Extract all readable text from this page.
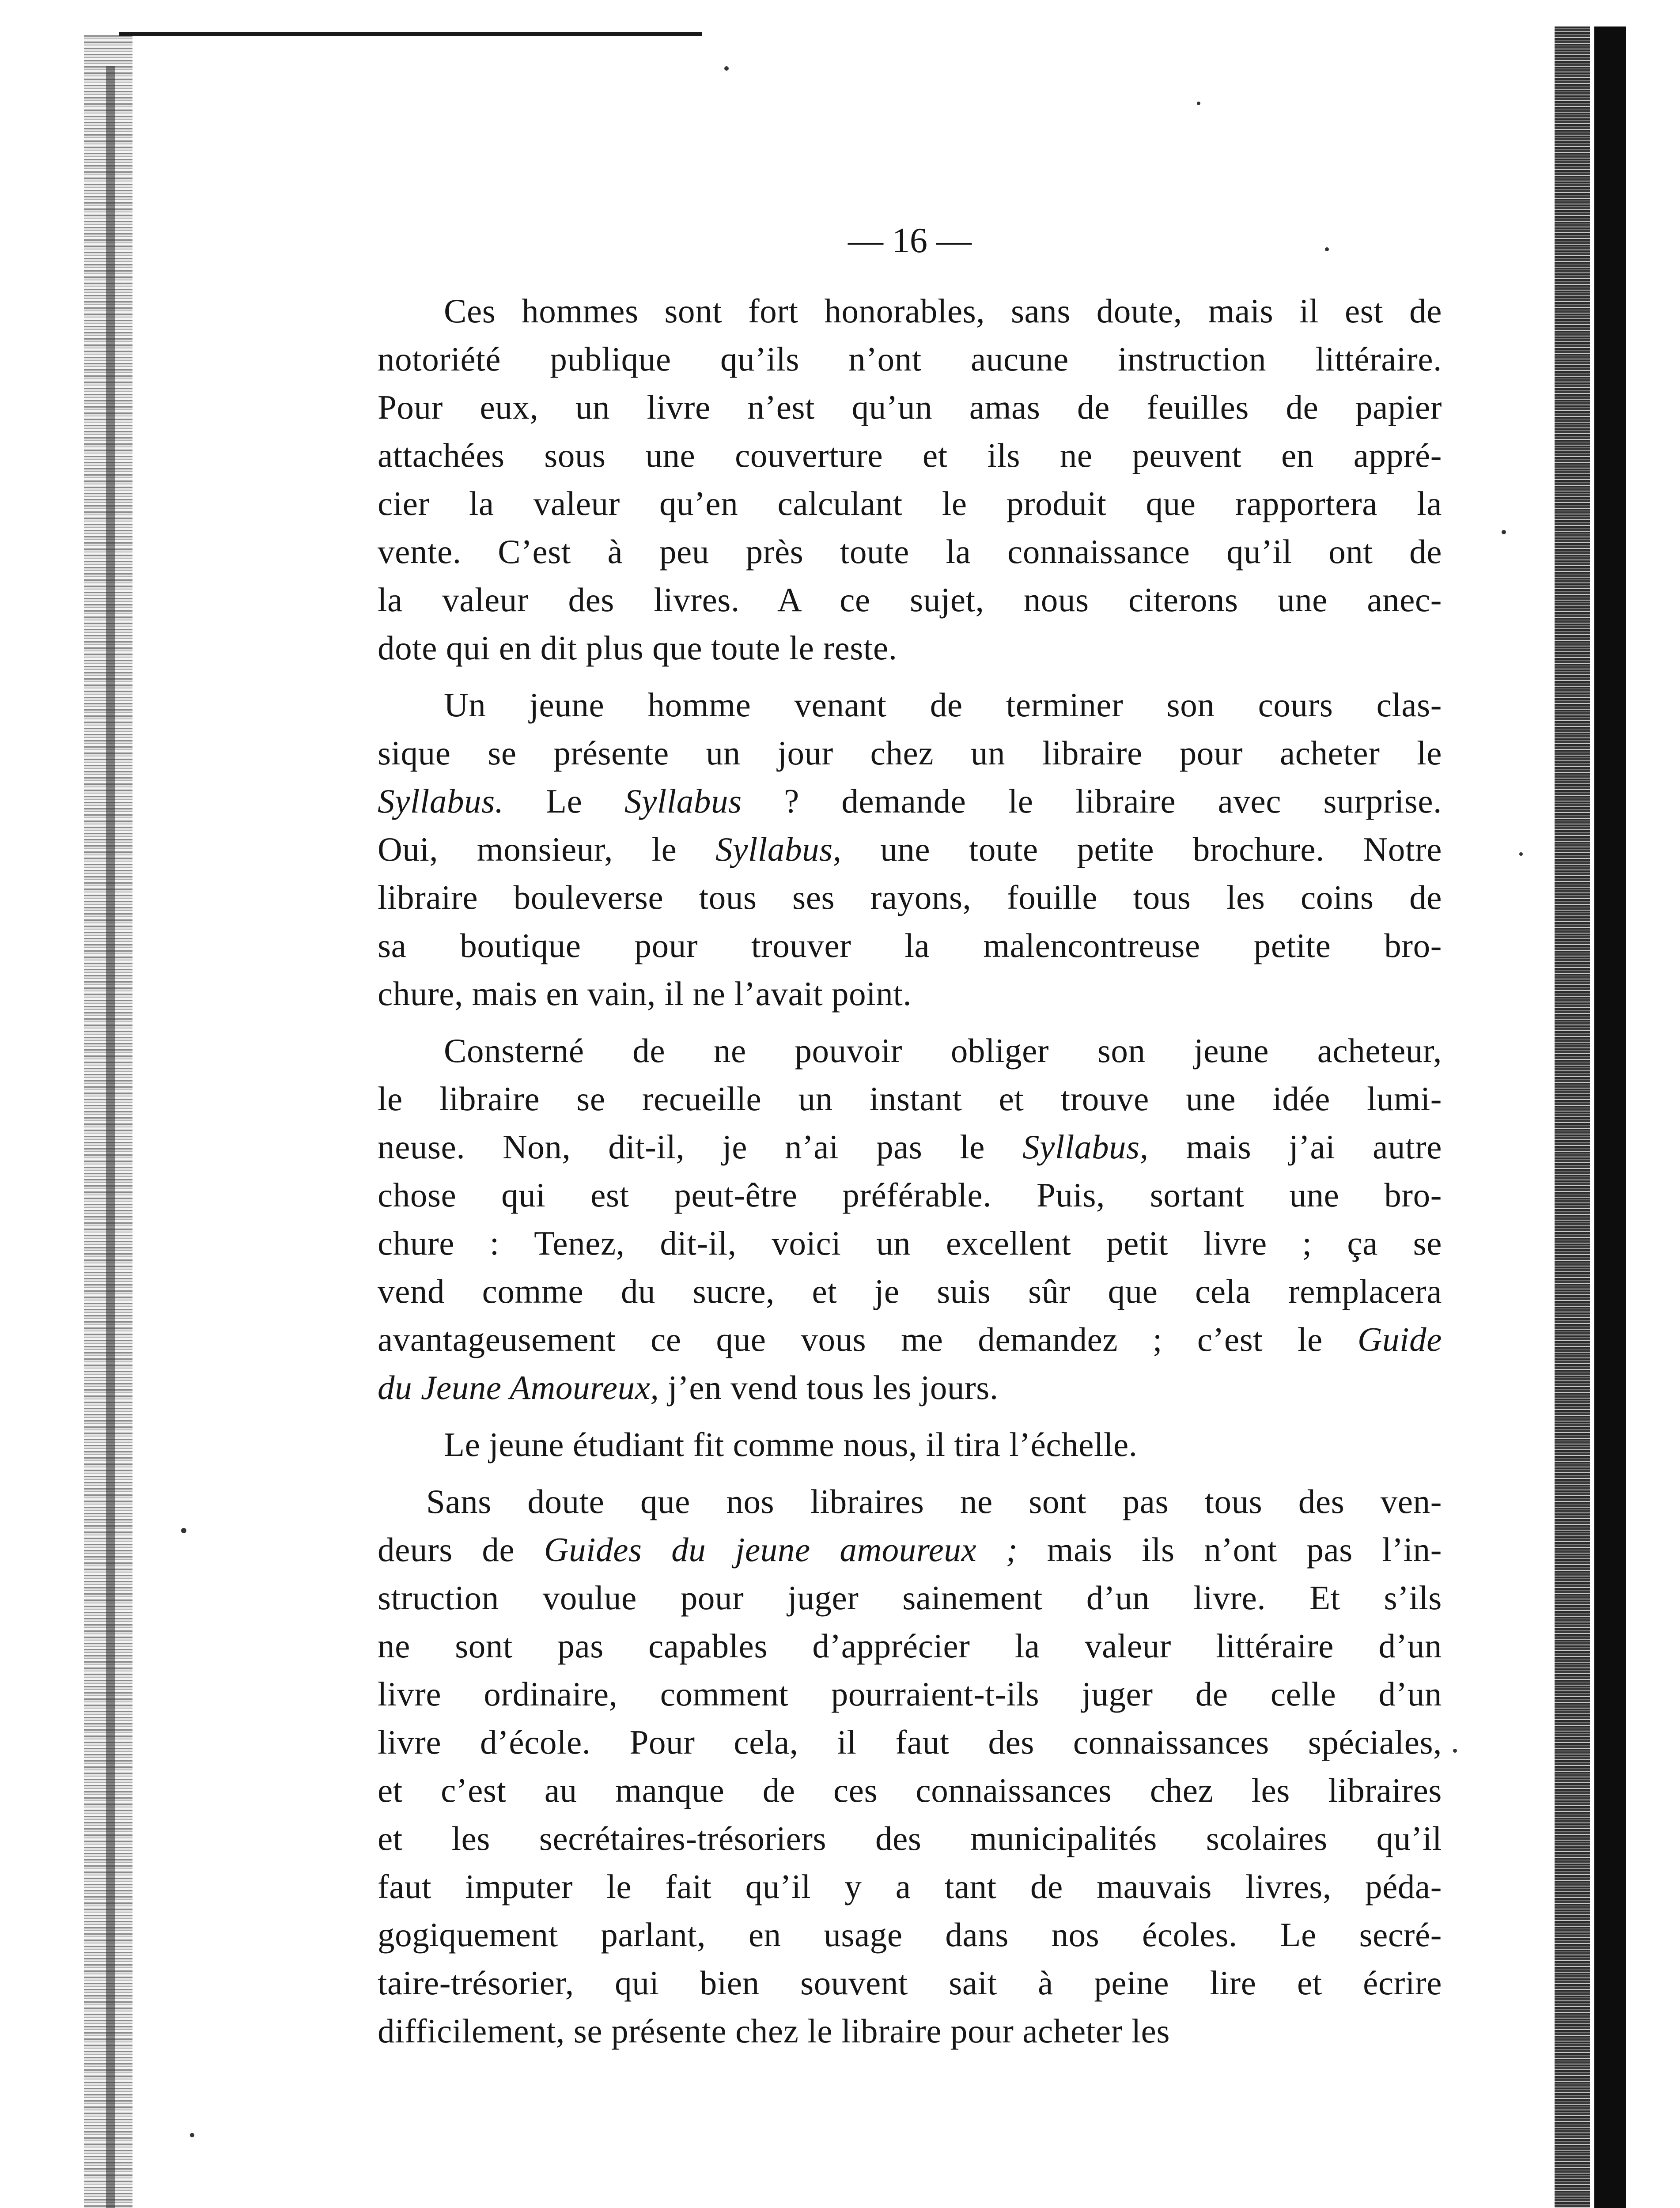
— 16 —
Ces hommes sont fort honorables, sans doute, mais il est de
notoriété publique qu’ils n’ont aucune instruction littéraire.
Pour eux, un livre n’est qu’un amas de feuilles de papier
attachées sous une couverture et ils ne peuvent en appré-
cier la valeur qu’en calculant le produit que rapportera la
vente. C’est à peu près toute la connaissance qu’il ont de
la valeur des livres. A ce sujet, nous citerons une anec-
dote qui en dit plus que toute le reste.
Un jeune homme venant de terminer son cours clas-
sique se présente un jour chez un libraire pour acheter le
Syllabus. Le Syllabus ? demande le libraire avec surprise.
Oui, monsieur, le Syllabus, une toute petite brochure. Notre
libraire bouleverse tous ses rayons, fouille tous les coins de
sa boutique pour trouver la malencontreuse petite bro-
chure, mais en vain, il ne l’avait point.
Consterné de ne pouvoir obliger son jeune acheteur,
le libraire se recueille un instant et trouve une idée lumi-
neuse. Non, dit-il, je n’ai pas le Syllabus, mais j’ai autre
chose qui est peut-être préférable. Puis, sortant une bro-
chure : Tenez, dit-il, voici un excellent petit livre ; ça se
vend comme du sucre, et je suis sûr que cela remplacera
avantageusement ce que vous me demandez ; c’est le Guide
du Jeune Amoureux, j’en vend tous les jours.
Le jeune étudiant fit comme nous, il tira l’échelle.
Sans doute que nos libraires ne sont pas tous des ven-
deurs de Guides du jeune amoureux ; mais ils n’ont pas l’in-
struction voulue pour juger sainement d’un livre. Et s’ils
ne sont pas capables d’apprécier la valeur littéraire d’un
livre ordinaire, comment pourraient-t-ils juger de celle d’un
livre d’école. Pour cela, il faut des connaissances spéciales,
et c’est au manque de ces connaissances chez les libraires
et les secrétaires-trésoriers des municipalités scolaires qu’il
faut imputer le fait qu’il y a tant de mauvais livres, péda-
gogiquement parlant, en usage dans nos écoles. Le secré-
taire-trésorier, qui bien souvent sait à peine lire et écrire
difficilement, se présente chez le libraire pour acheter les
